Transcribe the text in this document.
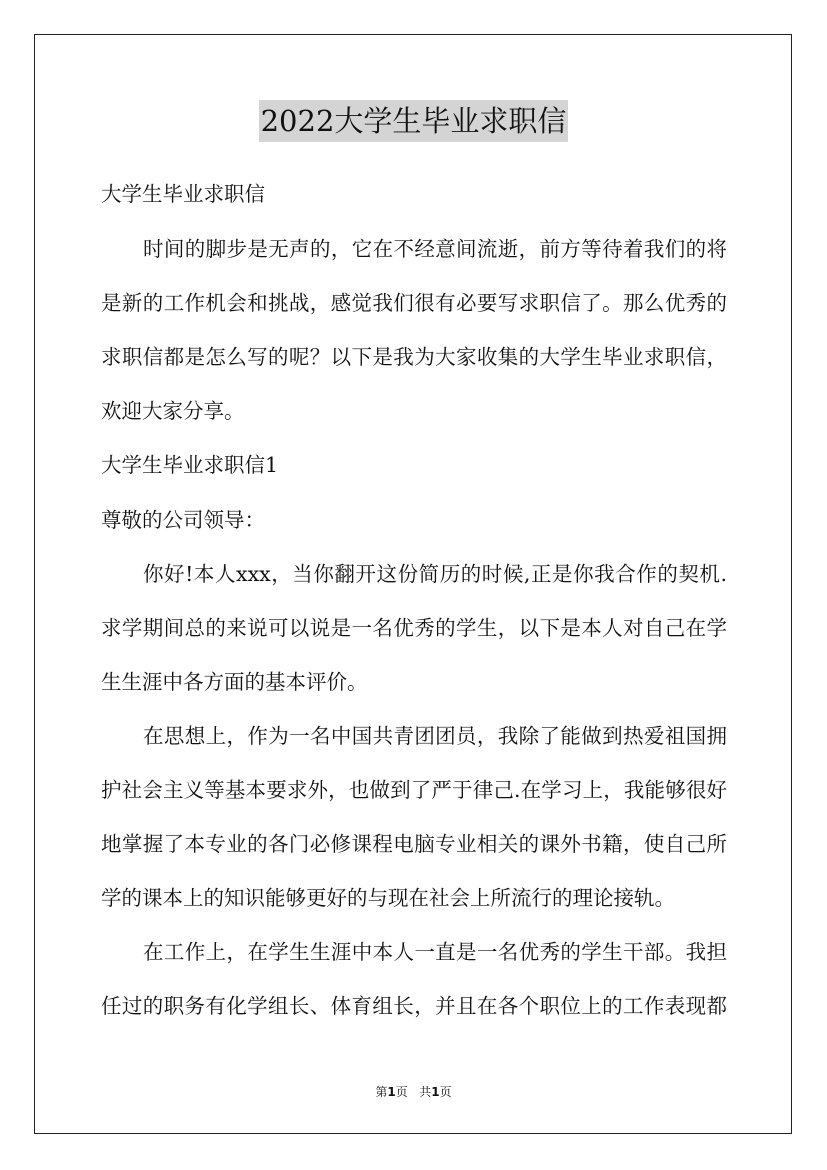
2022大学生毕业求职信
大学生毕业求职信
时间的脚步是无声的，它在不经意间流逝，前方等待着我们的将
是新的工作机会和挑战，感觉我们很有必要写求职信了。那么优秀的
求职信都是怎么写的呢？以下是我为大家收集的大学生毕业求职信，
欢迎大家分享。
大学生毕业求职信1
尊敬的公司领导：
你好!本人xxx，当你翻开这份简历的时候,正是你我合作的契机.
求学期间总的来说可以说是一名优秀的学生，以下是本人对自己在学
生生涯中各方面的基本评价。
在思想上，作为一名中国共青团团员，我除了能做到热爱祖国拥
护社会主义等基本要求外，也做到了严于律己.在学习上，我能够很好
地掌握了本专业的各门必修课程电脑专业相关的课外书籍，使自己所
学的课本上的知识能够更好的与现在社会上所流行的理论接轨。
在工作上，在学生生涯中本人一直是一名优秀的学生干部。我担
任过的职务有化学组长、体育组长，并且在各个职位上的工作表现都
第1页 共1页
